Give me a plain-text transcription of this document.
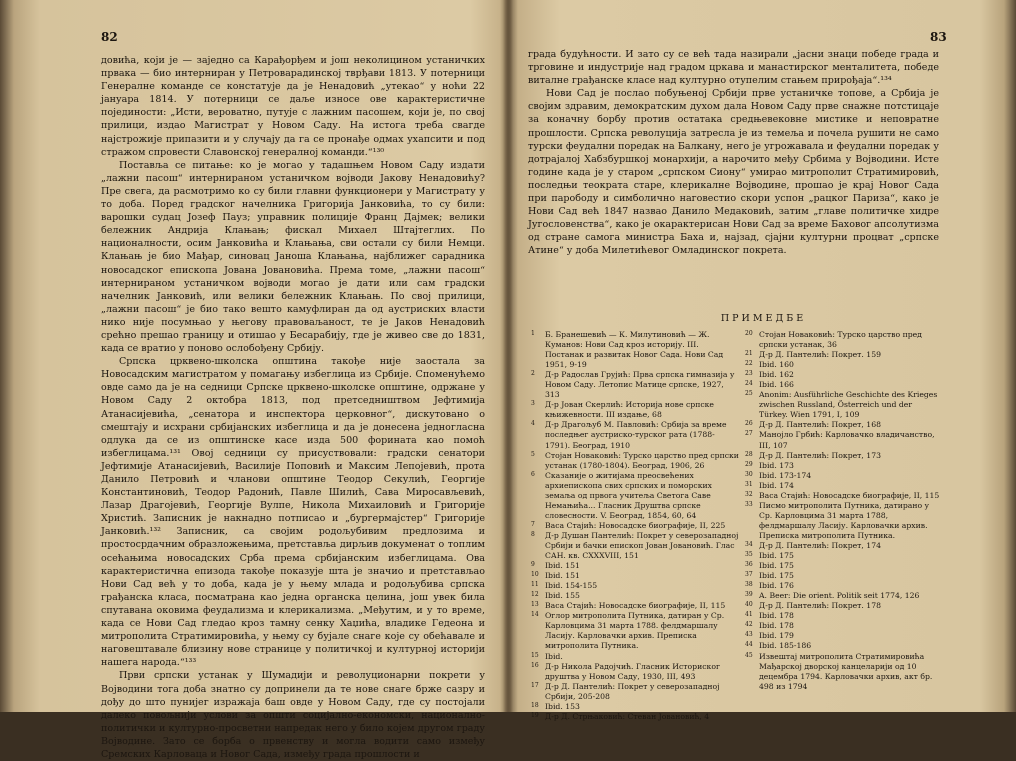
82

довића, који је — заједно са Карађорђем и још неколицином устаничких првака — био интерниран у Петроварадинској тврђави 1813. У потерници Генералне команде се констатује да је Ненадовић „утекао“ у ноћи 22 јануара 1814. У потерници се даље износе ове карактеристичне појединости: „Исти, вероватно, путује с лажним пасошем, који је, по свој прилици, издао Магистрат у Новом Саду. На истога треба свагде најстрожије припазити и у случају да га се пронађе одмах ухапсити и под стражом спровести Славонској генералној команди.“¹³⁰

Поставља се питање: ко је могао у тадашњем Новом Саду издати „лажни пасош“ интернираном устаничком војводи Јакову Ненадовићу? Пре свега, да расмотримо ко су били главни функционери у Магистрату у то доба. Поред градског начелника Григорија Јанковића, то су били: варошки судац Јозеф Пауз; управник полиције Франц Дајмек; велики бележник Андрија Клањањ; фискал Михаел Штајтеглих. По националности, осим Јанковића и Клањања, сви остали су били Немци. Клањањ је био Мађар, синовац Јаноша Клањања, најближег сарадника новосадског епископа Јована Јовановића. Према томе, „лажни пасош“ интернираном устаничком војводи могао је дати или сам градски начелник Јанковић, или велики бележник Клањањ. По свој прилици, „лажни пасош“ је био тако вешто камуфлиран да од аустриских власти нико није посумњао у његову правоваљаност, те је Јаков Ненадовић срећно прешао границу и отишао у Бесарабију, где је живео све до 1831, када се вратио у поново ослобођену Србију.

Српска црквено-школска општина такође није заостала за Новосадским магистратом у помагању избеглица из Србије. Споменућемо овде само да је на седници Српске црквено-школске општине, одржане у Новом Саду 2 октобра 1813, под претседништвом Јефтимија Атанасијевића, „сенатора и инспектора церковног“, дискутовано о смештају и исхрани србијанских избеглица и да је донесена једногласна одлука да се из општинске касе изда 500 форината као помоћ избеглицама.¹³¹ Овој седници су присуствовали: градски сенатори Јефтимије Атанасијевић, Василије Поповић и Максим Лепојевић, прота Данило Петровић и чланови општине Теодор Секулић, Георгије Константиновић, Теодор Радонић, Павле Шилић, Сава Миросављевић, Лазар Драгојевић, Георгије Вулпе, Никола Михаиловић и Григорије Христић. Записник је накнадно потписао и „бургермајстер“ Григорије Јанковић.¹³² Записник, са својим родољубивим предлозима и простосрдачним образложењима, претставља дирљив докуменат о топлим осећањима новосадских Срба према србијанским избеглицама. Ова карактеристична епизода такође показује шта је значио и претстављао Нови Сад већ у то доба, када је у њему млада и родољубива српска грађанска класа, посматрана као једна органска целина, још увек била спутавана оковима феудализма и клерикализма. „Међутим, и у то време, када се Нови Сад гледао кроз тамну сенку Хаџића, владике Гедеона и митрополита Стратимировића, у њему су бујале снаге које су обећавале и наговештавале близину нове странице у политичкој и културној историји нашега народа.“¹³³

Први српски устанак у Шумадији и револуционарни покрети у Војводини тога доба знатно су допринели да те нове снаге брже сазру и дођу до што пунијег изражаја баш овде у Новом Саду, где су постојали далеко повољнији услови за општи социјално-економски, национално-политички и културно-просветни напредак него у било којем другом граду Војводине. Зато се борба о првенству и могла водити само између Сремских Карловаца и Новог Сада, између града прошлости и

83

града будућности. И зато су се већ тада назирали „јасни знаци победе града и трговине и индустрије над градом цркава и манастирског менталитета, победе виталне грађанске класе над културно отупелим стањем прирођаја“.¹³⁴

Нови Сад је послао побуњеној Србији прве устаничке топове, а Србија је својим здравим, демократским духом дала Новом Саду прве снажне потстицаје за коначну борбу против остатака средњевековне мистике и неповратне прошлости. Српска револуција затресла је из темеља и почела рушити не само турски феудални поредак на Балкану, него је угрожавала и феудални поредак у дотрајалој Хабзбуршкој монархији, а нарочито међу Србима у Војводини. Исте године када је у старом „српском Сиону“ умирао митрополит Стратимировић, последњи теократа старе, клерикалне Војводине, прошао је крај Новог Сада при парободу и симболично наговестио скори успон „рацког Париза“, како је Нови Сад већ 1847 назвао Данило Медаковић, затим „главе политичке хидре Југословенства“, како је окарактерисан Нови Сад за време Баховог апсолутизма од стране самога министра Баха и, најзад, сјајни културни процват „српске Атине“ у доба Милетићевог Омладинског покрета.

ПРИМЕДБЕ
1	Б. Бранешевић — К. Милутиновић — Ж. Куманов: Нови Сад кроз историју. III. Постанак и развитак Новог Сада. Нови Сад 1951, 9-19
2	Д-р Радослав Грујић: Прва српска гимназија у Новом Саду. Летопис Матице српске, 1927, 313
3	Д-р Јован Скерлић: Историја нове српске књижевности. III издање, 68
4	Д-р Драгољуб М. Павловић: Србија за време последњег аустриско-турског рата (1788-1791). Београд, 1910
5	Стојан Новаковић: Турско царство пред српски устанак (1780-1804). Београд, 1906, 26
6	Сказаније о житијама преосвећених архиепископа свих српских и поморских земаља од првога учитеља Светога Саве Немањића... Гласник Друштва српске словесности. V. Београд, 1854, 60, 64
7	Васа Стајић: Новосадске биографије, II, 225
8	Д-р Душан Пантелић: Покрет у северозападној Србији и бачки епископ Јован Јовановић. Глас САН. кв. CXXXVIII, 151
9	Ibid. 151
10 Ibid. 151
11 Ibid. 154-155
12 Ibid. 155
13 Васа Стајић: Новосадске биографије, II, 115
14 Оглор митрополита Путника, датиран у Ср. Карловцима 31 марта 1788. фелдмаршалу Ласију. Карловачки архив. Преписка митрополита Путника.
15 Ibid.
16 Д-р Никола Радојчић. Гласник Историског друштва у Новом Саду, 1930, III, 493
17 Д-р Д. Пантелић: Покрет у северозападној Србији, 205-208
18 Ibid. 153
19 Д-р Д. Стрњаковић: Стеван Јовановић, 4
20 Стојан Новаковић: Турско царство пред српски устанак, 36
21 Д-р Д. Пантелић: Покрет. 159
22 Ibid. 160
23 Ibid. 162
24 Ibid. 166
25 Anonim: Ausführliche Geschichte des Krieges zwischen Russland, Österreich und der Türkey. Wien 1791, I, 109
26 Д-р Д. Пантелић: Покрет, 168
27 Манојло Грбић: Карловачко владичанство, III, 107
28 Д-р Д. Пантелић: Покрет, 173
29 Ibid. 173
30 Ibid. 173-174
31 Ibid. 174
32 Васа Стајић: Новосадске биографије, II, 115
33 Писмо митрополита Путника, датирано у Ср. Карловцима 31 марта 1788, фелдмаршалу Ласију. Карловачки архив. Преписка митрополита Путника.
34 Д-р Д. Пантелић: Покрет, 174
35 Ibid. 175
36 Ibid. 175
37 Ibid. 175
38 Ibid. 176
39 A. Beer: Die orient. Politik seit 1774, 126
40 Д-р Д. Пантелић: Покрет. 178
41 Ibid. 178
42 Ibid. 178
43 Ibid. 179
44 Ibid. 185-186
45 Извештај митрополита Стратимировића Мађарској дворској канцеларији од 10 децембра 1794. Карловачки архив, акт бр. 498 из 1794
